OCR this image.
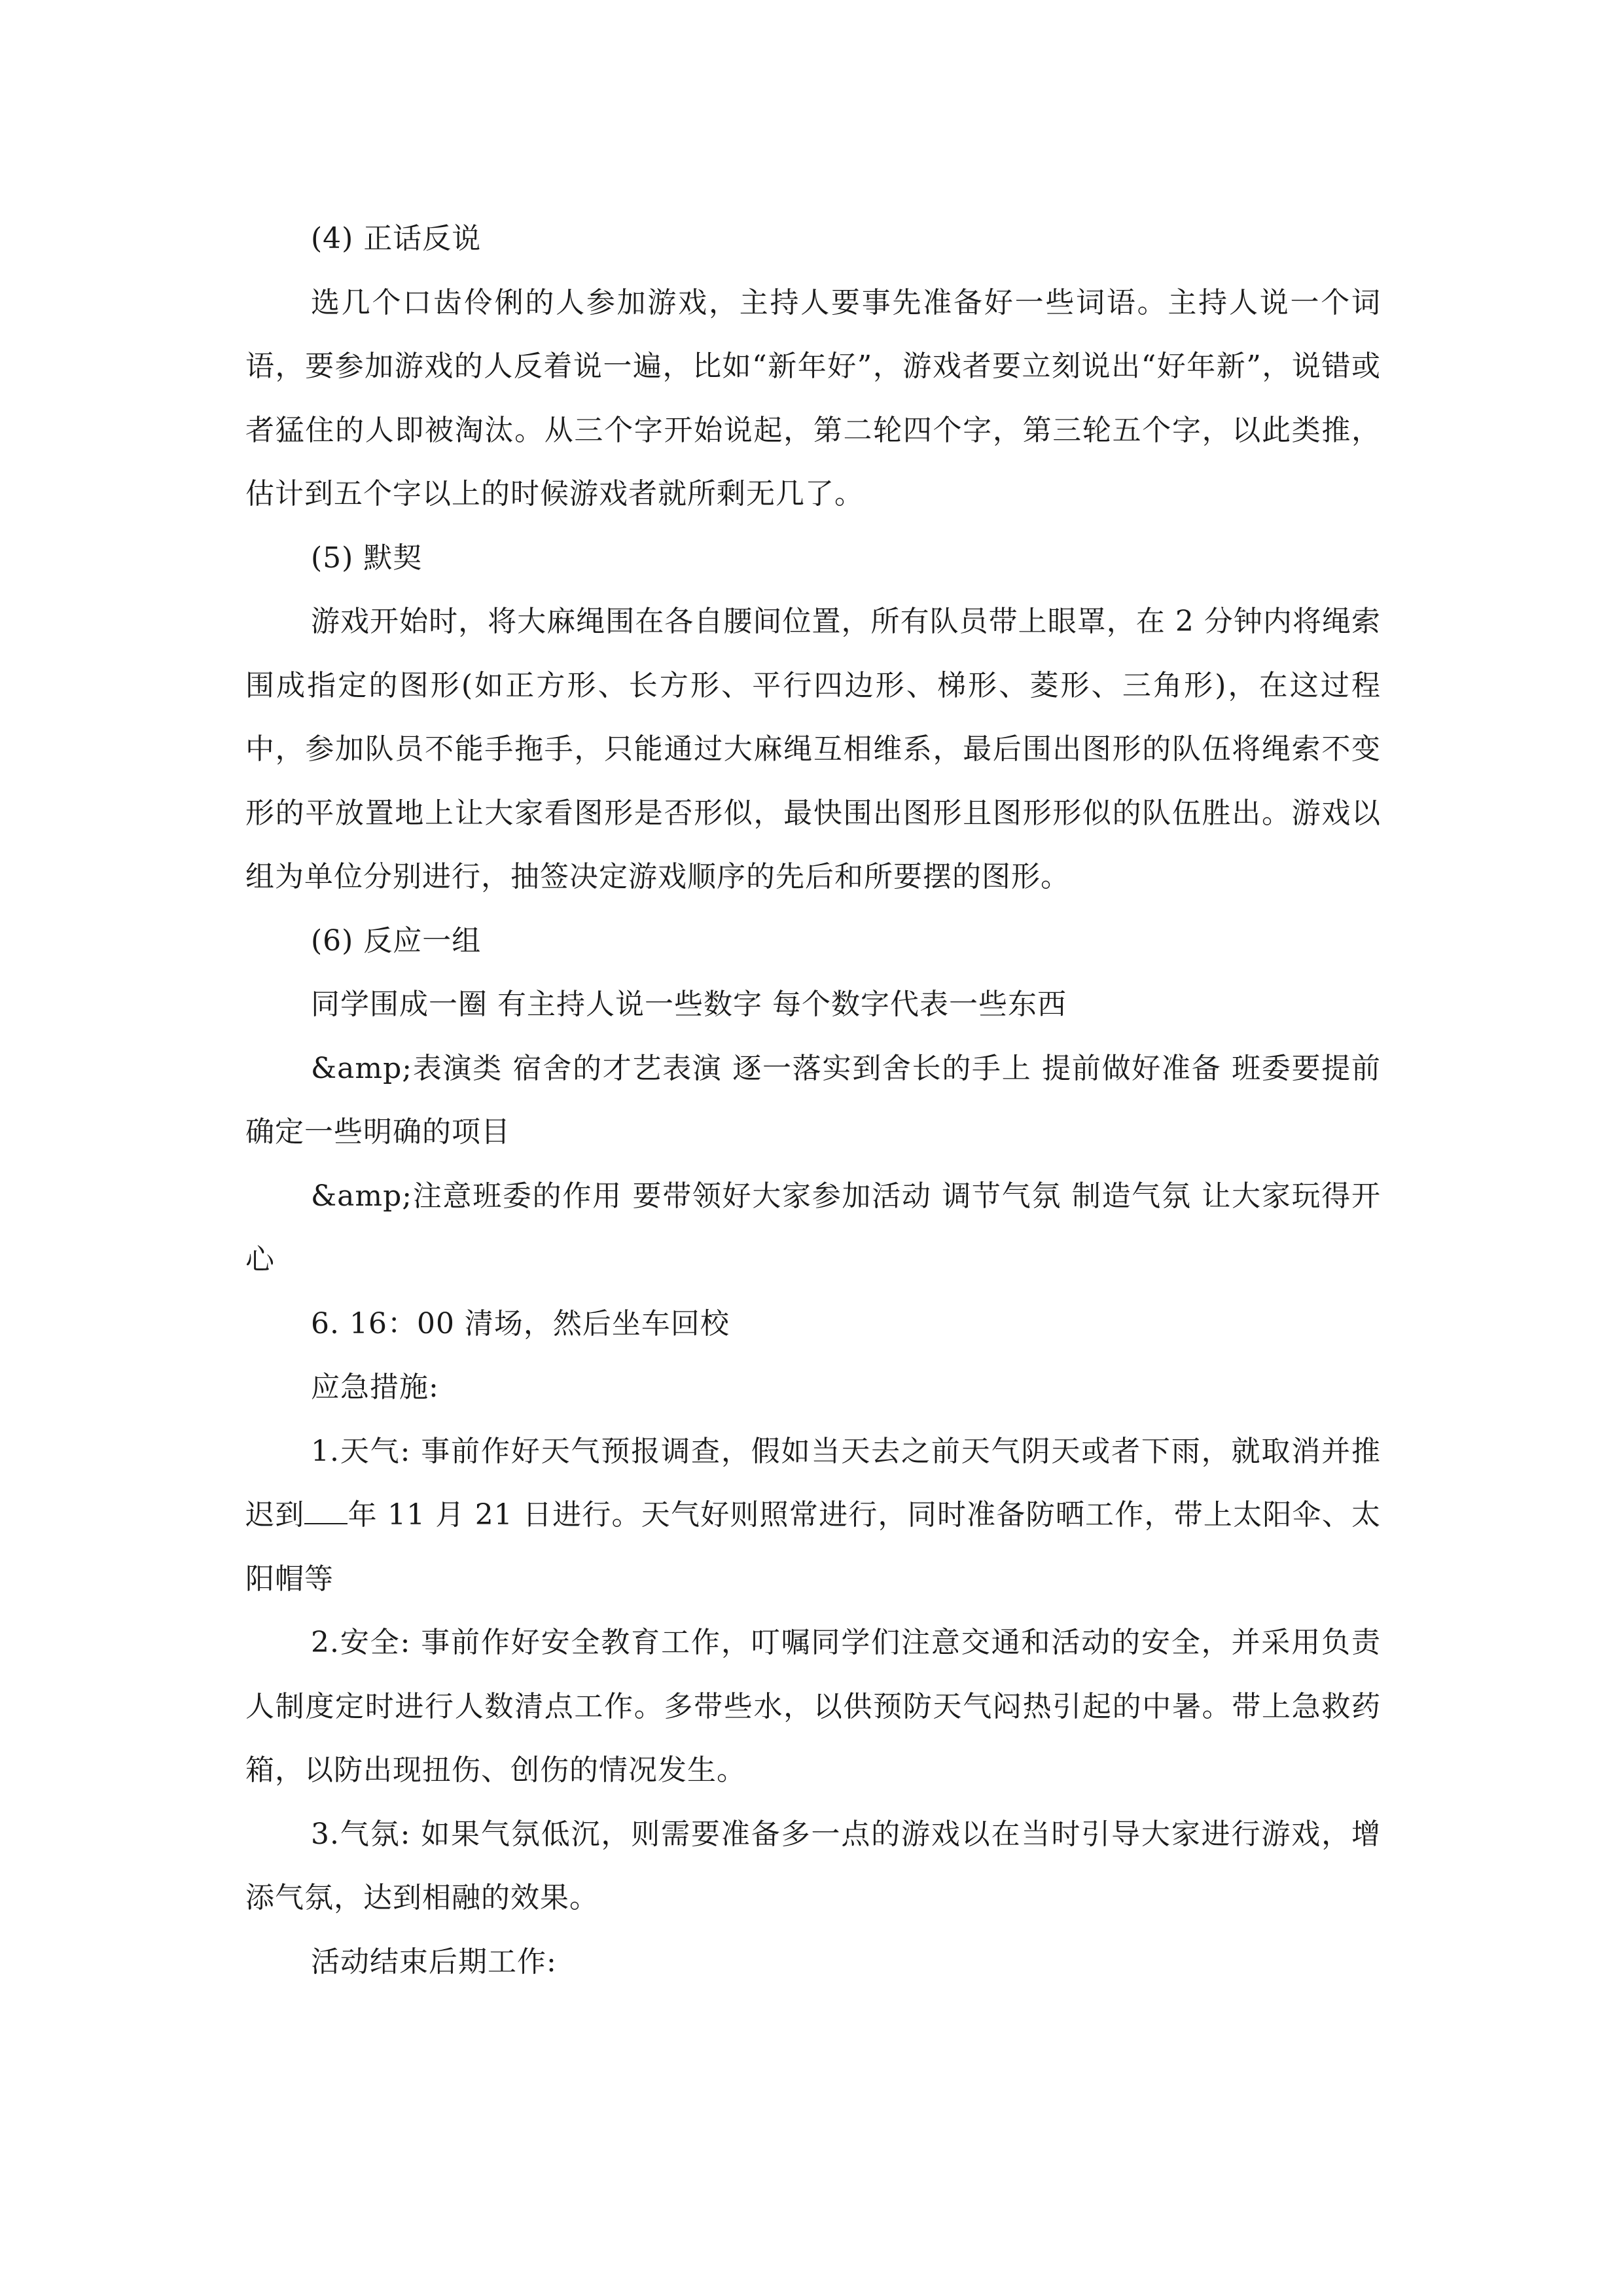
(4) 正话反说

选几个口齿伶俐的人参加游戏，主持人要事先准备好一些词语。主持人说一个词语，要参加游戏的人反着说一遍，比如“新年好”，游戏者要立刻说出“好年新”，说错或者猛住的人即被淘汰。从三个字开始说起，第二轮四个字，第三轮五个字，以此类推，估计到五个字以上的时候游戏者就所剩无几了。

(5) 默契

游戏开始时，将大麻绳围在各自腰间位置，所有队员带上眼罩，在 2 分钟内将绳索围成指定的图形(如正方形、长方形、平行四边形、梯形、菱形、三角形)，在这过程中，参加队员不能手拖手，只能通过大麻绳互相维系，最后围出图形的队伍将绳索不变形的平放置地上让大家看图形是否形似，最快围出图形且图形形似的队伍胜出。游戏以组为单位分别进行，抽签决定游戏顺序的先后和所要摆的图形。

(6) 反应一组

同学围成一圈 有主持人说一些数字 每个数字代表一些东西

&amp;表演类 宿舍的才艺表演 逐一落实到舍长的手上 提前做好准备 班委要提前确定一些明确的项目

&amp;注意班委的作用 要带领好大家参加活动 调节气氛 制造气氛 让大家玩得开心

6. 16：00 清场，然后坐车回校

应急措施:

1.天气: 事前作好天气预报调查，假如当天去之前天气阴天或者下雨，就取消并推迟到 年 11 月 21 日进行。天气好则照常进行，同时准备防晒工作，带上太阳伞、太阳帽等

2.安全: 事前作好安全教育工作，叮嘱同学们注意交通和活动的安全，并采用负责人制度定时进行人数清点工作。多带些水，以供预防天气闷热引起的中暑。带上急救药箱，以防出现扭伤、创伤的情况发生。

3.气氛: 如果气氛低沉，则需要准备多一点的游戏以在当时引导大家进行游戏，增添气氛，达到相融的效果。

活动结束后期工作:
